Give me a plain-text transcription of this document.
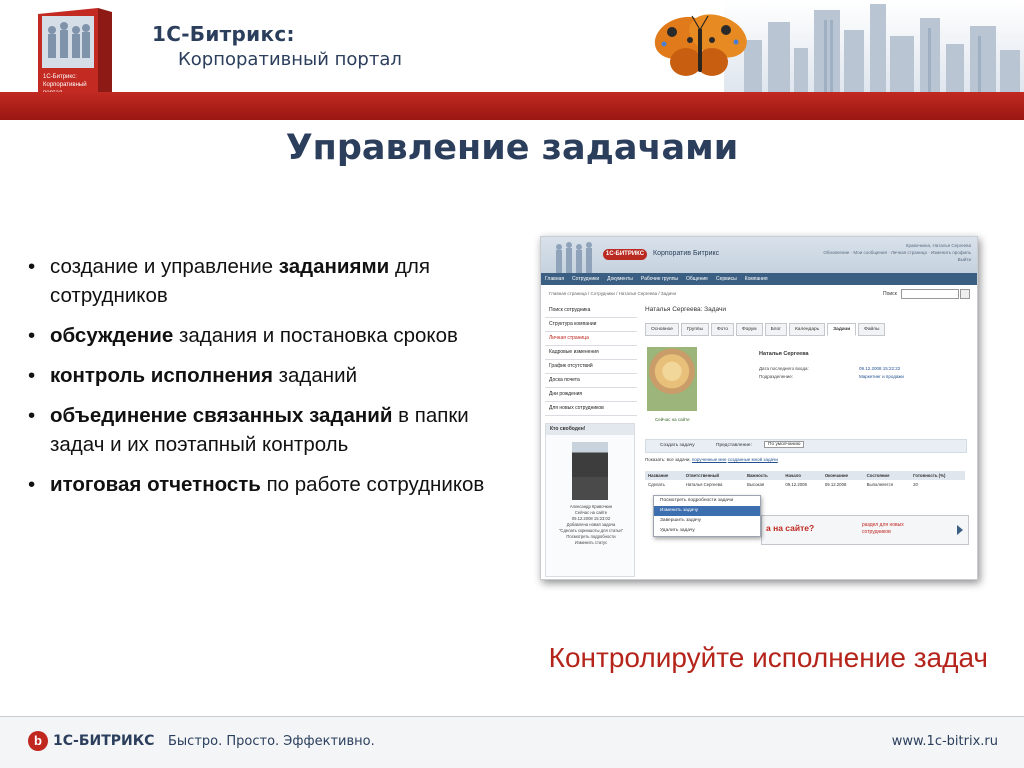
1С-Битрикс:
Корпоративный портал
1С-Битрикс:
Корпоративный
Управление задачами
• создание и управление заданиями для сотрудников
• обсуждение задания и постановка сроков
• контроль исполнения заданий
• объединение связанных заданий в папки задач и их поэтапный контроль
• итоговая отчетность по работе сотрудников
1С-БИТРИКС	Корпоратив Битрикс
Кравочкина, Наталья Сергеева
Обновление · Мои сообщения · Личная страница · Изменить профиль
Выйти
Главная	Сотрудники	Документы	Рабочие группы	Общение	Сервисы	Компания
Главная страница / Сотрудники / Наталья Сергеева / Задачи	Поиск
Поиск сотрудника
Структура компании
Личная страница
Кадровые изменения
График отсутствий
Доска почета
Дни рождения
Для новых сотрудников
Наталья Сергеева: Задачи
Основное	Группы	Фото	Форум	Блог	Календарь	Задачи	Файлы
Сейчас на сайте
Наталья Сергеева
Дата последнего входа:	09.12.2008 15:22:22
Подразделение:	Маркетинг и продажи
Кто свободен!
Александр Кравочкин
Сейчас на сайте
09.12.2008 15:23:02
Добавлена новая задача
"Сделать скриншоты для статьи"
Посмотреть подробности
Изменить статус
Создать задачу	Представление:	По умолчанию
Показать: все задачи, порученные мне созданные мной задачи
Название	Ответственный	Важность	Начало	Окончание	Состояние	Готовность (%)
Сделать	Наталья Сергеева	Высокая	09.12.2008	09.12.2008	Выполняется	20
а на сайте?	раздел для новых
сотрудников
Посмотреть подробности задачи
Изменить задачу
Завершить задачу
Удалить задачу
Контролируйте исполнение задач
b 1С-БИТРИКС Быстро. Просто. Эффективно.	www.1c-bitrix.ru
